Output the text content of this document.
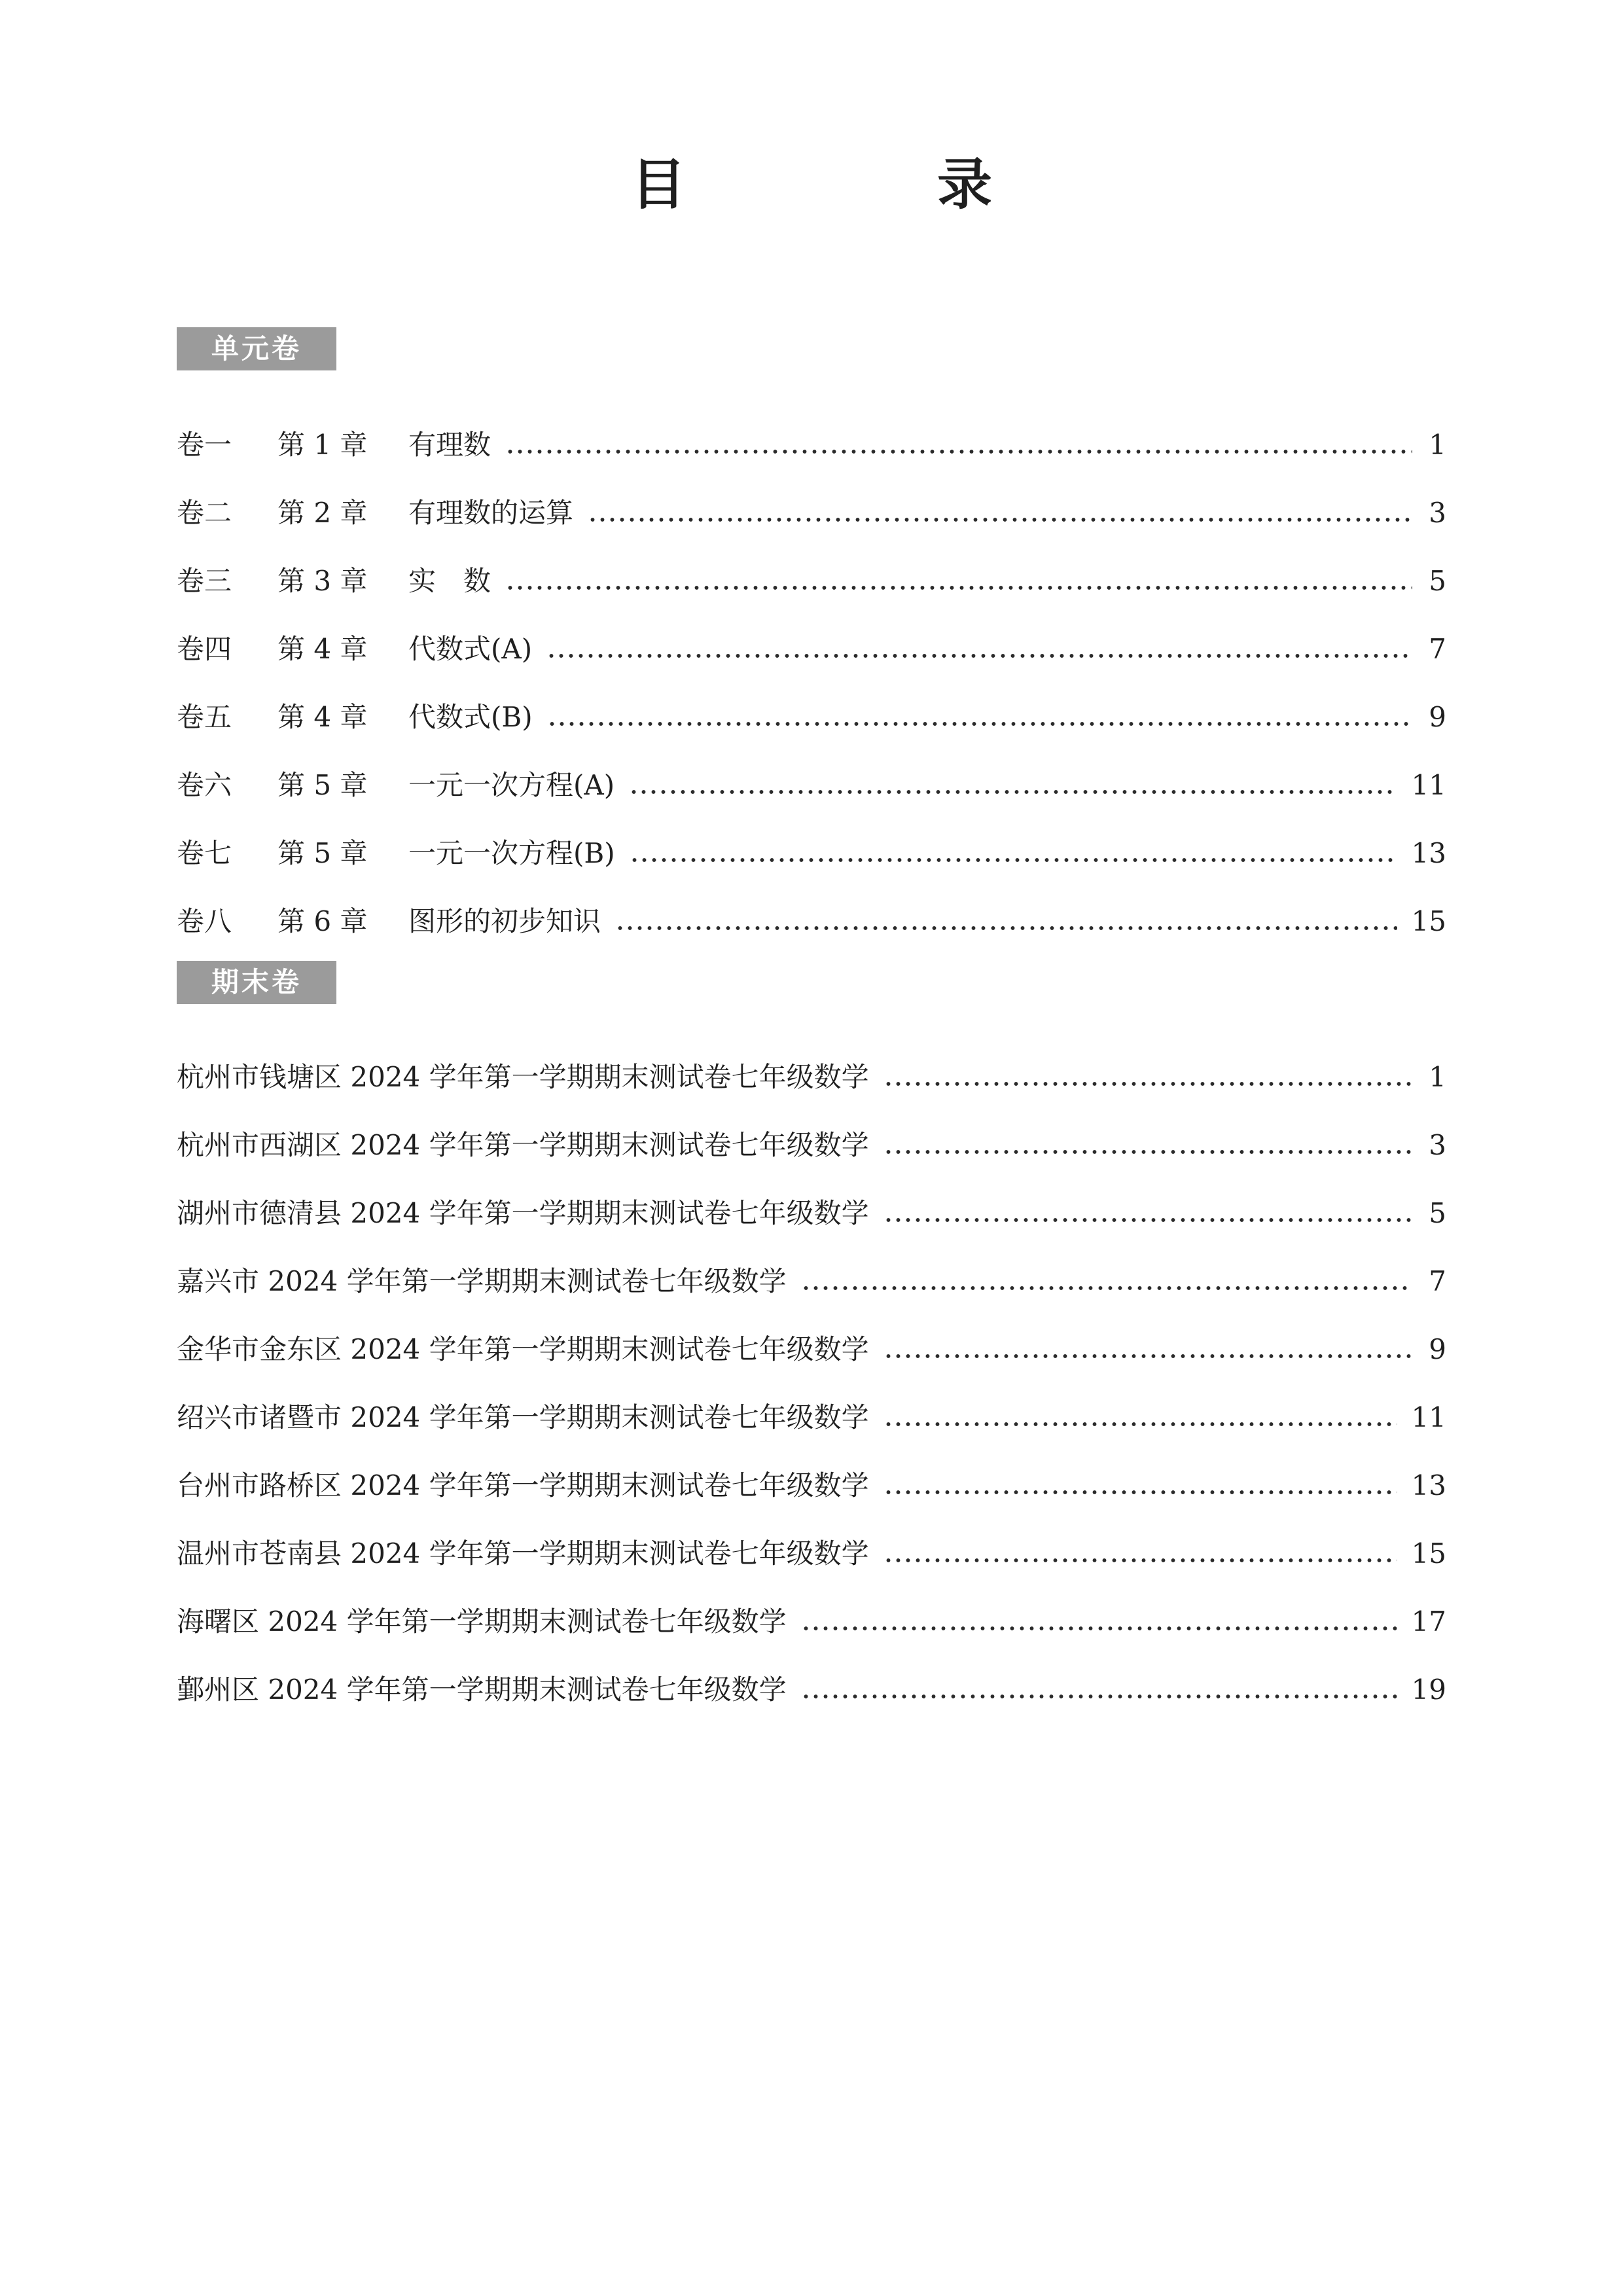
目　录
单元卷
卷一	第 1 章	有理数	1
卷二	第 2 章	有理数的运算	3
卷三	第 3 章	实　数	5
卷四	第 4 章	代数式(A)	7
卷五	第 4 章	代数式(B)	9
卷六	第 5 章	一元一次方程(A)	11
卷七	第 5 章	一元一次方程(B)	13
卷八	第 6 章	图形的初步知识	15
期末卷
杭州市钱塘区 2024 学年第一学期期末测试卷七年级数学	1
杭州市西湖区 2024 学年第一学期期末测试卷七年级数学	3
湖州市德清县 2024 学年第一学期期末测试卷七年级数学	5
嘉兴市 2024 学年第一学期期末测试卷七年级数学	7
金华市金东区 2024 学年第一学期期末测试卷七年级数学	9
绍兴市诸暨市 2024 学年第一学期期末测试卷七年级数学	11
台州市路桥区 2024 学年第一学期期末测试卷七年级数学	13
温州市苍南县 2024 学年第一学期期末测试卷七年级数学	15
海曙区 2024 学年第一学期期末测试卷七年级数学	17
鄞州区 2024 学年第一学期期末测试卷七年级数学	19
